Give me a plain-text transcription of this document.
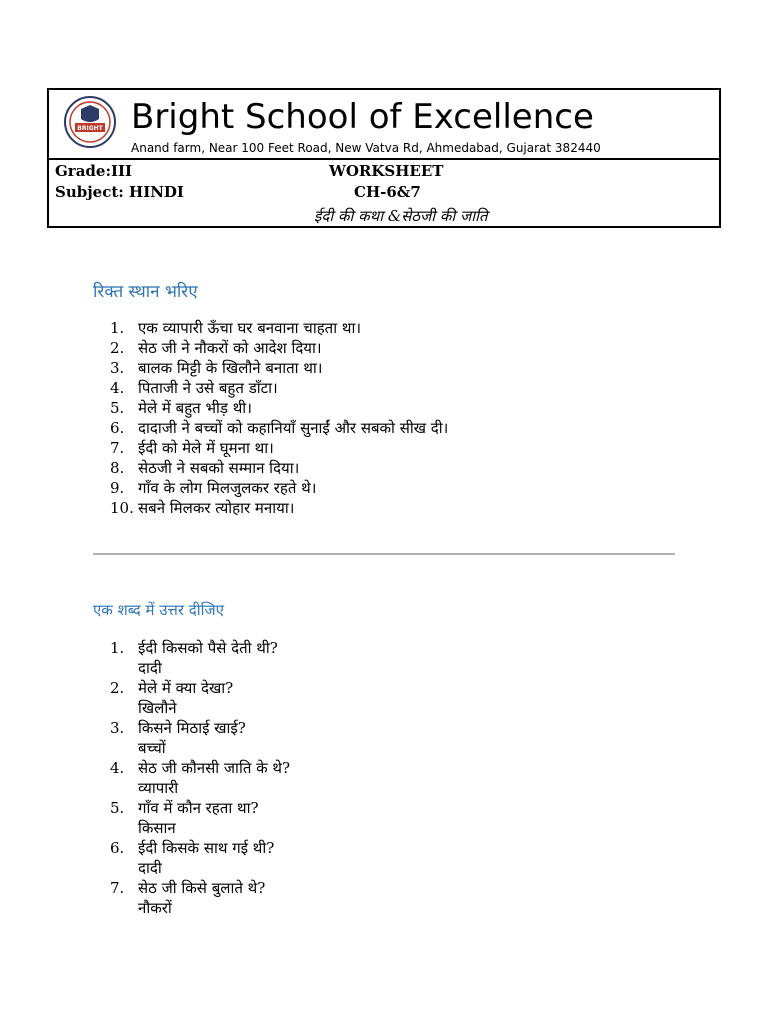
BRIGHT Bright School of Excellence
Anand farm, Near 100 Feet Road, New Vatva Rd, Ahmedabad, Gujarat 382440
Grade:III
Subject: HINDI
WORKSHEET
CH-6&7
ईदी की कथा &सेठजी की जाति
रिक्त स्थान भरिए
1. एक व्यापारी ऊँचा घर बनवाना चाहता था।
2. सेठ जी ने नौकरों को आदेश दिया।
3. बालक मिट्टी के खिलौने बनाता था।
4. पिताजी ने उसे बहुत डाँटा।
5. मेले में बहुत भीड़ थी।
6. दादाजी ने बच्चों को कहानियाँ सुनाईं और सबको सीख दी।
7. ईदी को मेले में घूमना था।
8. सेठजी ने सबको सम्मान दिया।
9. गाँव के लोग मिलजुलकर रहते थे।
10. सबने मिलकर त्योहार मनाया।
एक शब्द में उत्तर दीजिए
1. ईदी किसको पैसे देती थी?
दादी
2. मेले में क्या देखा?
खिलौने
3. किसने मिठाई खाई?
बच्चों
4. सेठ जी कौनसी जाति के थे?
व्यापारी
5. गाँव में कौन रहता था?
किसान
6. ईदी किसके साथ गई थी?
दादी
7. सेठ जी किसे बुलाते थे?
नौकरों
